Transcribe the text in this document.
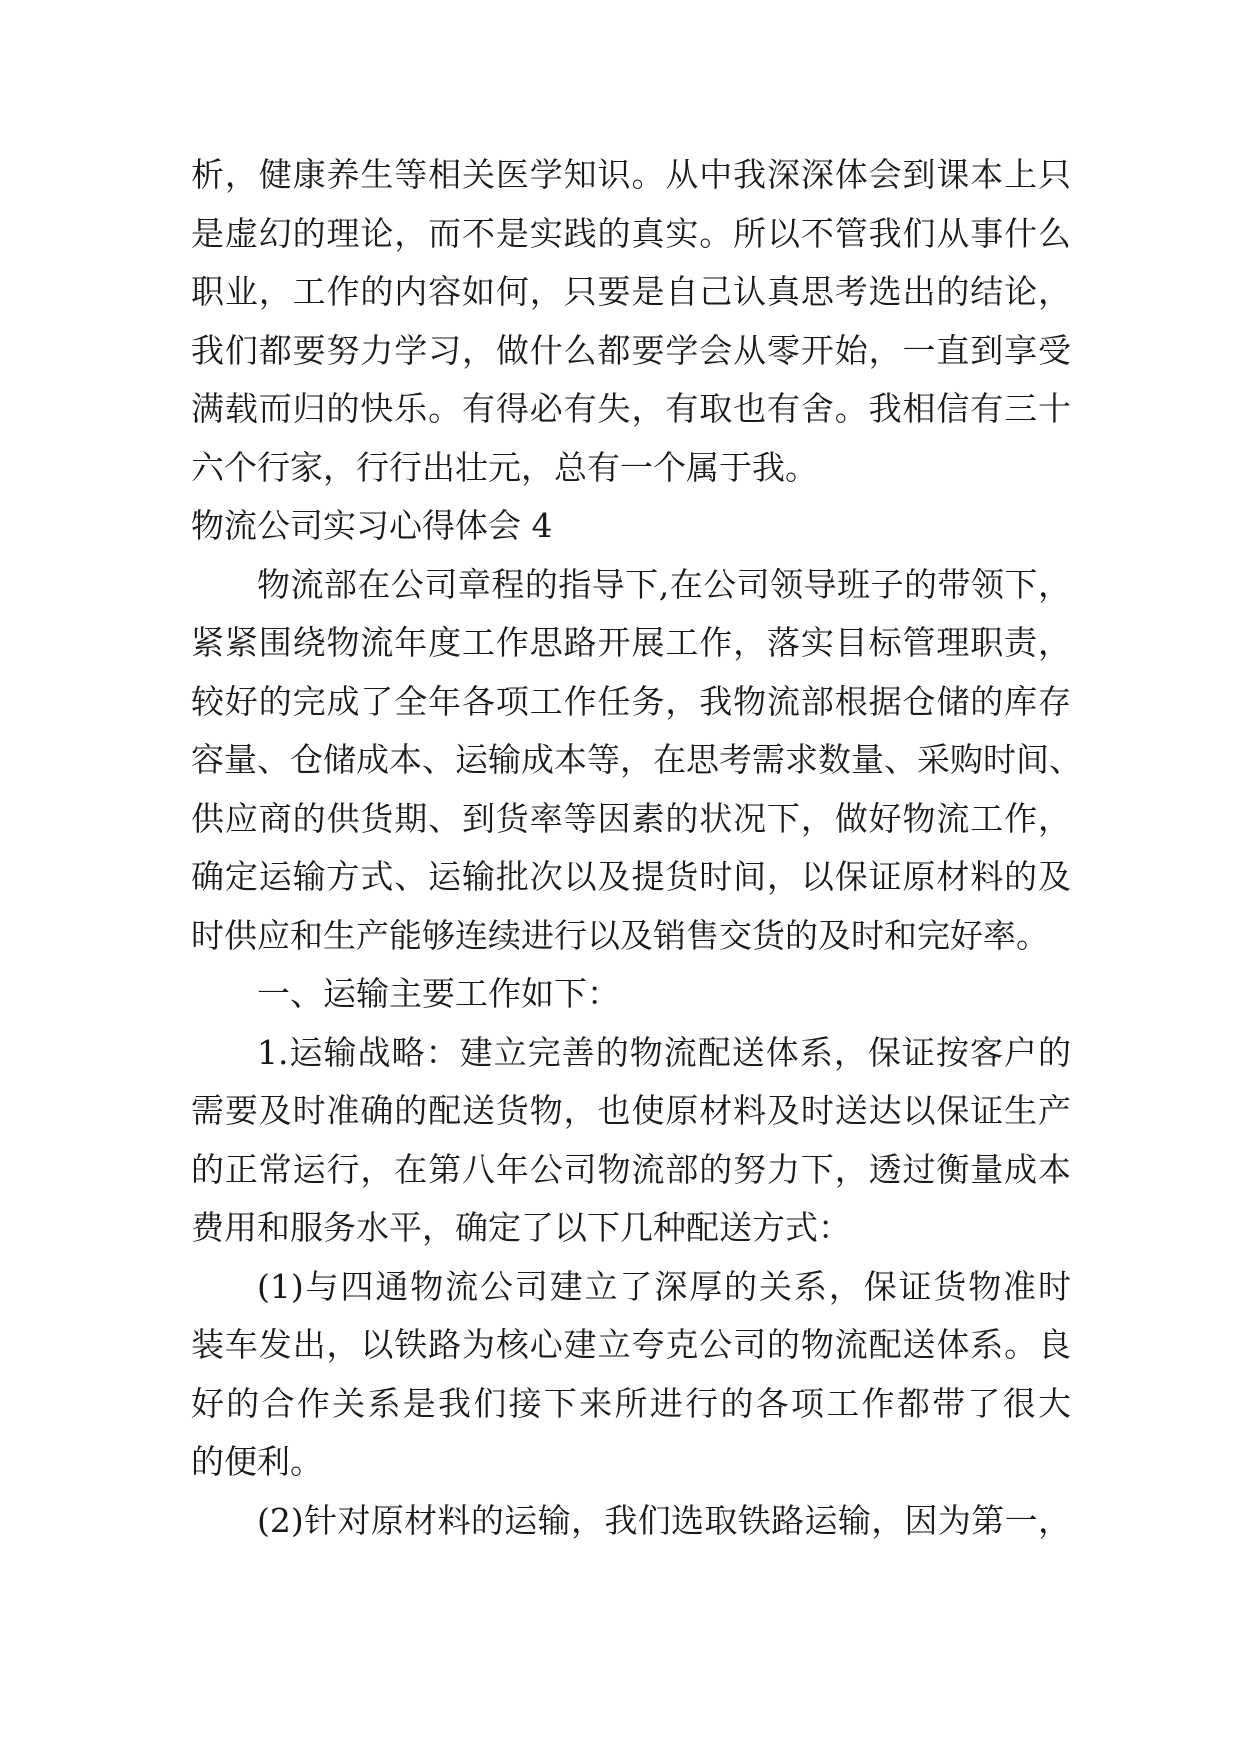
析，健康养生等相关医学知识。从中我深深体会到课本上只
是虚幻的理论，而不是实践的真实。所以不管我们从事什么
职业，工作的内容如何，只要是自己认真思考选出的结论，
我们都要努力学习，做什么都要学会从零开始，一直到享受
满载而归的快乐。有得必有失，有取也有舍。我相信有三十
六个行家，行行出壮元，总有一个属于我。
物流公司实习心得体会 4
物流部在公司章程的指导下,在公司领导班子的带领下，
紧紧围绕物流年度工作思路开展工作，落实目标管理职责，
较好的完成了全年各项工作任务，我物流部根据仓储的库存
容量、仓储成本、运输成本等，在思考需求数量、采购时间、
供应商的供货期、到货率等因素的状况下，做好物流工作，
确定运输方式、运输批次以及提货时间，以保证原材料的及
时供应和生产能够连续进行以及销售交货的及时和完好率。
一、运输主要工作如下：
1.运输战略：建立完善的物流配送体系，保证按客户的
需要及时准确的配送货物，也使原材料及时送达以保证生产
的正常运行，在第八年公司物流部的努力下，透过衡量成本
费用和服务水平，确定了以下几种配送方式：
(1)与四通物流公司建立了深厚的关系，保证货物准时
装车发出，以铁路为核心建立夸克公司的物流配送体系。良
好的合作关系是我们接下来所进行的各项工作都带了很大
的便利。
(2)针对原材料的运输，我们选取铁路运输，因为第一，
